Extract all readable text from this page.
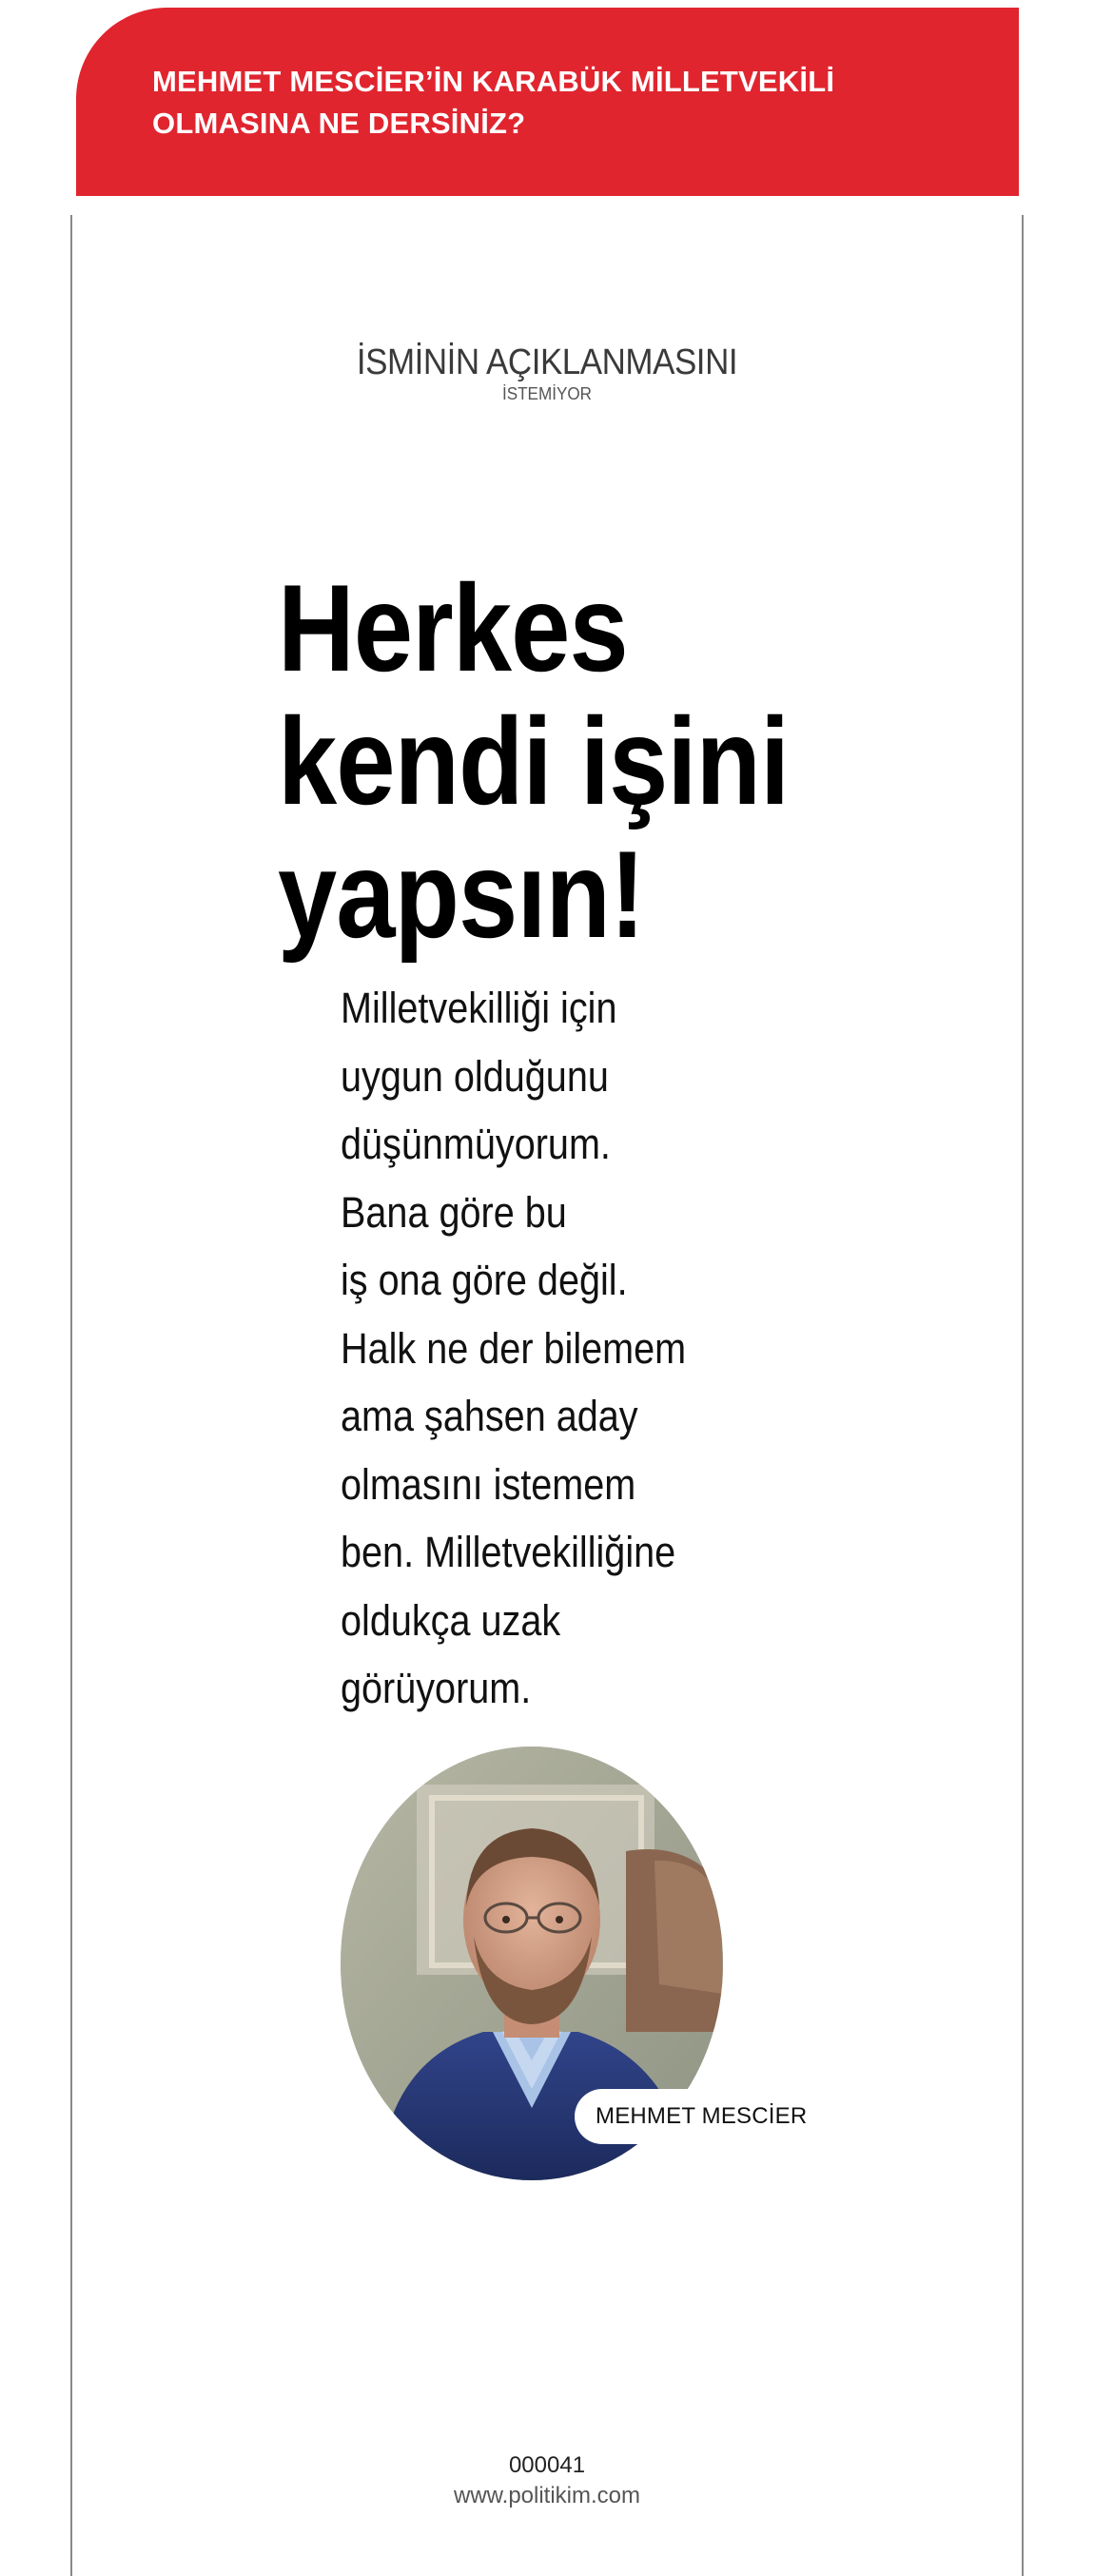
MEHMET MESCİER’İN KARABÜK MİLLETVEKİLİ OLMASINA NE DERSİNİZ?
İSMİNİN AÇIKLANMASINI
İSTEMİYOR
Herkes kendi işini yapsın!

Milletvekilliği için
uygun olduğunu
düşünmüyorum.
Bana göre bu
iş ona göre değil.
Halk ne der bilemem
ama şahsen aday
olmasını istemem
ben. Milletvekilliğine
oldukça uzak
görüyorum.

MEHMET MESCİER
000041
www.politikim.com
